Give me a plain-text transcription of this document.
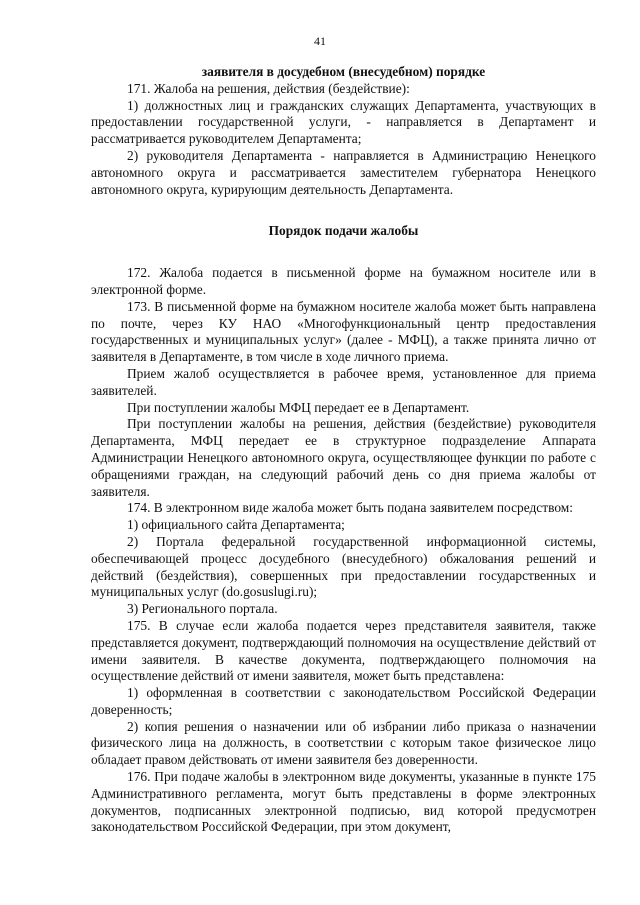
41
заявителя в досудебном (внесудебном) порядке

171. Жалоба на решения, действия (бездействие):

1) должностных лиц и гражданских служащих Департамента, участвующих в предоставлении государственной услуги, - направляется в Департамент и рассматривается руководителем Департамента;

2) руководителя Департамента - направляется в Администрацию Ненецкого автономного округа и рассматривается заместителем губернатора Ненецкого автономного округа, курирующим деятельность Департамента.

Порядок подачи жалобы

172. Жалоба подается в письменной форме на бумажном носителе или в электронной форме.

173. В письменной форме на бумажном носителе жалоба может быть направлена по почте, через КУ НАО «Многофункциональный центр предоставления государственных и муниципальных услуг» (далее - МФЦ), а также принята лично от заявителя в Департаменте, в том числе в ходе личного приема.

Прием жалоб осуществляется в рабочее время, установленное для приема заявителей.

При поступлении жалобы МФЦ передает ее в Департамент.

При поступлении жалобы на решения, действия (бездействие) руководителя Департамента, МФЦ передает ее в структурное подразделение Аппарата Администрации Ненецкого автономного округа, осуществляющее функции по работе с обращениями граждан, на следующий рабочий день со дня приема жалобы от заявителя.

174. В электронном виде жалоба может быть подана заявителем посредством:

1) официального сайта Департамента;

2) Портала федеральной государственной информационной системы, обеспечивающей процесс досудебного (внесудебного) обжалования решений и действий (бездействия), совершенных при предоставлении государственных и муниципальных услуг (do.gosuslugi.ru);

3) Регионального портала.

175. В случае если жалоба подается через представителя заявителя, также представляется документ, подтверждающий полномочия на осуществление действий от имени заявителя. В качестве документа, подтверждающего полномочия на осуществление действий от имени заявителя, может быть представлена:

1) оформленная в соответствии с законодательством Российской Федерации доверенность;

2) копия решения о назначении или об избрании либо приказа о назначении физического лица на должность, в соответствии с которым такое физическое лицо обладает правом действовать от имени заявителя без доверенности.

176. При подаче жалобы в электронном виде документы, указанные в пункте 175 Административного регламента, могут быть представлены в форме электронных документов, подписанных электронной подписью, вид которой предусмотрен законодательством Российской Федерации, при этом документ,
